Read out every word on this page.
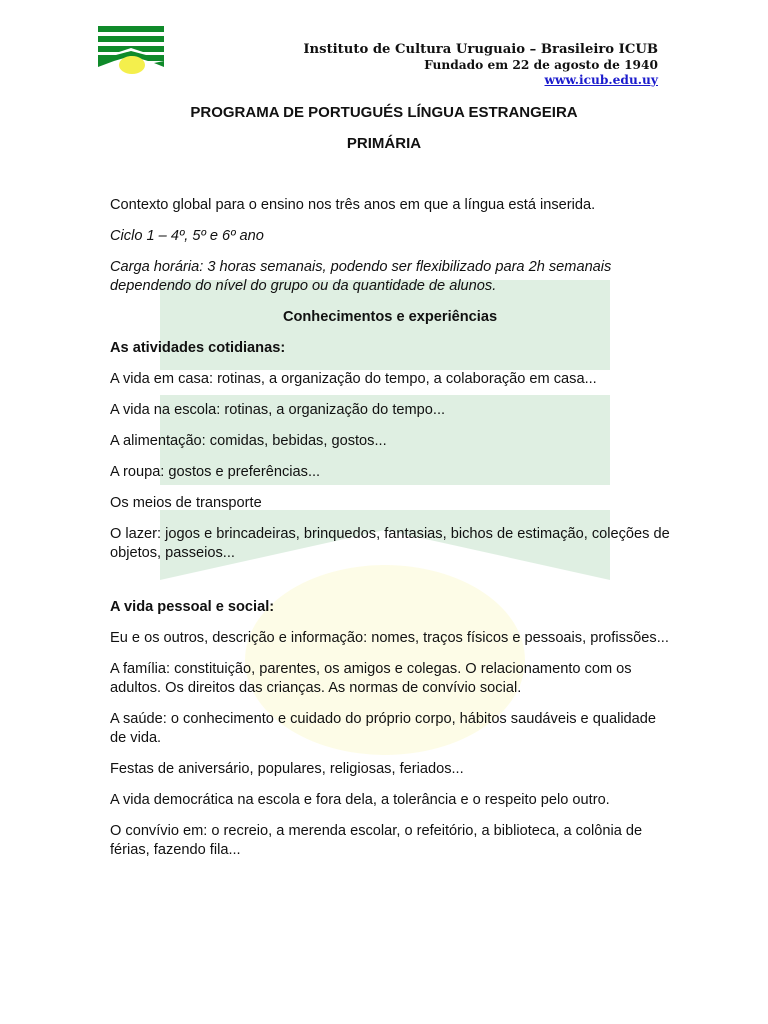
Instituto de Cultura Uruguaio – Brasileiro ICUB
Fundado em 22 de agosto de 1940
www.icub.edu.uy
PROGRAMA DE PORTUGUÉS LÍNGUA ESTRANGEIRA
PRIMÁRIA

Contexto global para o ensino nos três anos em que a língua está inserida.

Ciclo 1 – 4º, 5º e 6º ano

Carga horária: 3 horas semanais, podendo ser flexibilizado para 2h semanais dependendo do nível do grupo ou da quantidade de alunos.

Conhecimentos e experiências

As atividades cotidianas:

A vida em casa: rotinas, a organização do tempo, a colaboração em casa...

A vida na escola: rotinas, a organização do tempo...

A alimentação: comidas, bebidas, gostos...

A roupa: gostos e preferências...

Os meios de transporte

O lazer: jogos e brincadeiras, brinquedos, fantasias, bichos de estimação, coleções de objetos, passeios...

A vida pessoal e social:

Eu e os outros, descrição e informação: nomes, traços físicos e pessoais, profissões...

A família: constituição, parentes, os amigos e colegas. O relacionamento com os adultos. Os direitos das crianças. As normas de convívio social.

A saúde: o conhecimento e cuidado do próprio corpo, hábitos saudáveis e qualidade de vida.

Festas de aniversário, populares, religiosas, feriados...

A vida democrática na escola e fora dela, a tolerância e o respeito pelo outro.

O convívio em: o recreio, a merenda escolar, o refeitório, a biblioteca, a colônia de férias, fazendo fila...
